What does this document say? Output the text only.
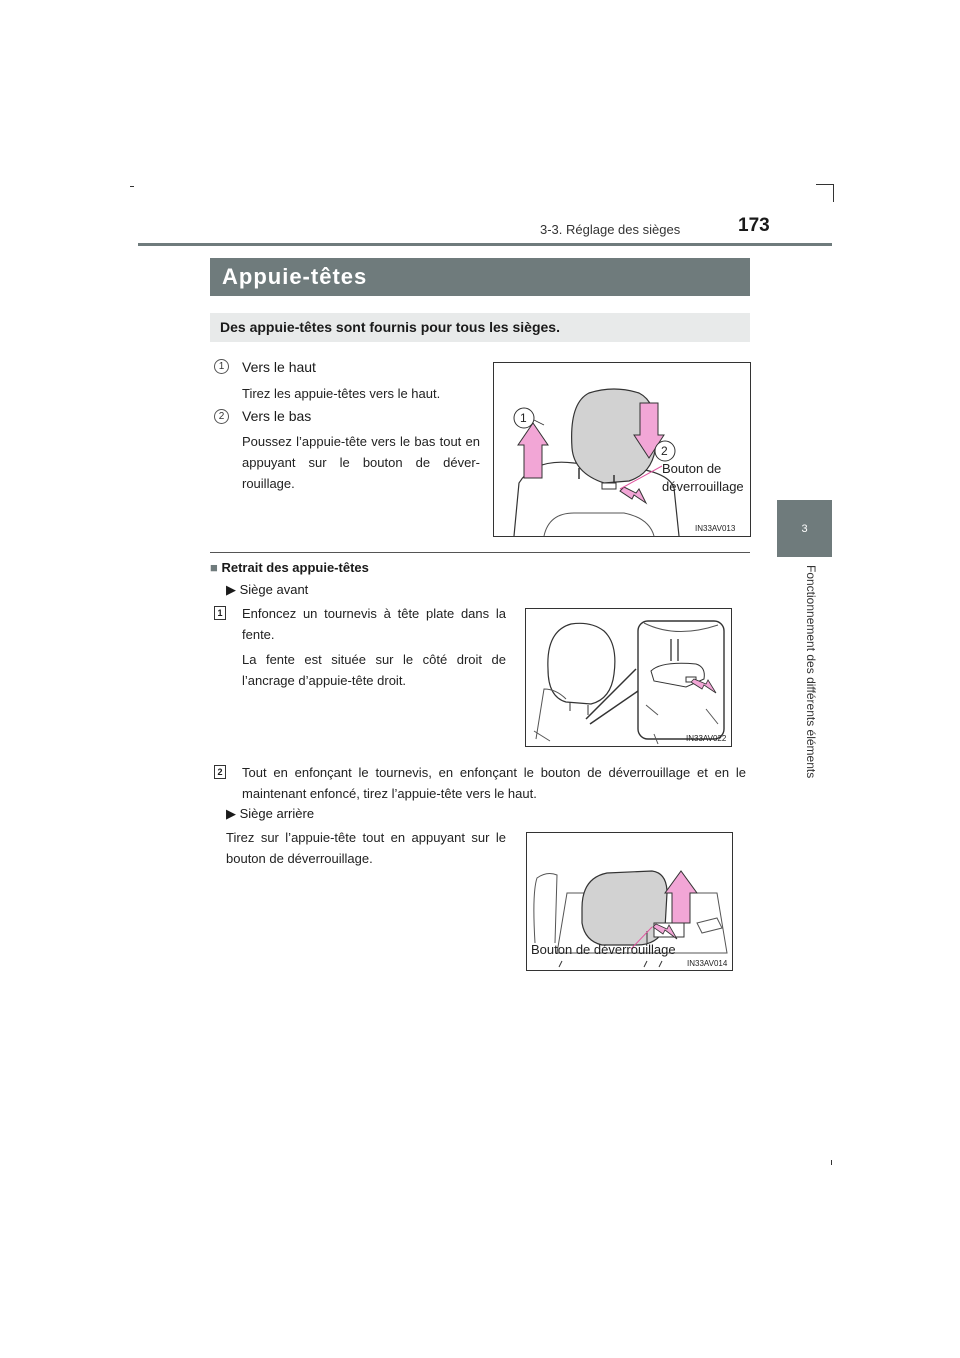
3-3. Réglage des sièges	173
3
Fonctionnement des différents éléments
Appuie-têtes
Des appuie-têtes sont fournis pour tous les sièges.
1	Vers le haut
Tirez les appuie-têtes vers le haut.
2	Vers le bas
Poussez l’appuie-tête vers le bas tout en appuyant sur le bouton de déver-rouillage.
1
2
Bouton de
déverrouillage
IN33AV013
■ Retrait des appuie-têtes
▶ Siège avant
1 Enfoncez un tournevis à tête plate dans la fente.
La fente est située sur le côté droit de l’ancrage d’appuie-tête droit.
IN33AV022
2 Tout en enfonçant le tournevis, en enfonçant le bouton de déverrouillage et en le maintenant enfoncé, tirez l’appuie-tête vers le haut.
▶ Siège arrière
Tirez sur l’appuie-tête tout en appuyant sur le bouton de déverrouillage.
Bouton de déverrouillage
IN33AV014
